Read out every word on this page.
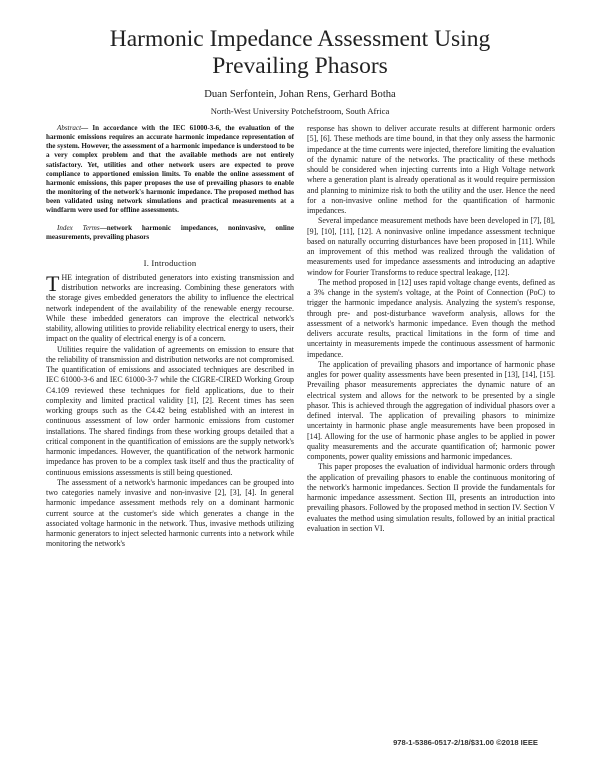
Harmonic Impedance Assessment Using
Prevailing Phasors
Duan Serfontein, Johan Rens, Gerhard Botha
North-West University Potchefstroom, South Africa

Abstract— In accordance with the IEC 61000-3-6, the evaluation of the harmonic emissions requires an accurate harmonic impedance representation of the system. However, the assessment of a harmonic impedance is understood to be a very complex problem and that the available methods are not entirely satisfactory. Yet, utilities and other network users are expected to prove compliance to apportioned emission limits. To enable the online assessment of harmonic emissions, this paper proposes the use of prevailing phasors to enable the monitoring of the network's harmonic impedance. The proposed method has been validated using network simulations and practical measurements at a windfarm were used for offline assessments.

Index Terms—network harmonic impedances, noninvasive, online measurements, prevailing phasors

I. Introduction

THE integration of distributed generators into existing transmission and distribution networks are increasing. Combining these generators with the storage gives embedded generators the ability to influence the electrical network independent of the availability of the renewable energy recourse. While these imbedded generators can improve the electrical network's stability, allowing utilities to provide reliability electrical energy to users, their impact on the quality of electrical energy is of a concern.

Utilities require the validation of agreements on emission to ensure that the reliability of transmission and distribution networks are not compromised. The quantification of emissions and associated techniques are described in IEC 61000-3-6 and IEC 61000-3-7 while the CIGRE-CIRED Working Group C4.109 reviewed these techniques for field applications, due to their complexity and limited practical validity [1], [2]. Recent times has seen working groups such as the C4.42 being established with an interest in continuous assessment of low order harmonic emissions from customer installations. The shared findings from these working groups detailed that a critical component in the quantification of emissions are the supply network's harmonic impedances. However, the quantification of the network harmonic impedance has proven to be a complex task itself and thus the practicality of continuous emissions assessments is still being questioned.

The assessment of a network's harmonic impedances can be grouped into two categories namely invasive and non-invasive [2], [3], [4]. In general harmonic impedance assessment methods rely on a dominant harmonic current source at the customer's side which generates a change in the associated voltage harmonic in the network. Thus, invasive methods utilizing harmonic generators to inject selected harmonic currents into a network while monitoring the network's

response has shown to deliver accurate results at different harmonic orders [5], [6]. These methods are time bound, in that they only assess the harmonic impedance at the time currents were injected, therefore limiting the evaluation of the dynamic nature of the networks. The practicality of these methods should be considered when injecting currents into a High Voltage network where a generation plant is already operational as it would require permission and planning to minimize risk to both the utility and the user. Hence the need for a non-invasive online method for the quantification of harmonic impedances.

Several impedance measurement methods have been developed in [7], [8], [9], [10], [11], [12]. A noninvasive online impedance assessment technique based on naturally occurring disturbances have been proposed in [11]. While an improvement of this method was realized through the validation of measurements used for impedance assessments and introducing an adaptive window for Fourier Transforms to reduce spectral leakage, [12].

The method proposed in [12] uses rapid voltage change events, defined as a 3% change in the system's voltage, at the Point of Connection (PoC) to trigger the harmonic impedance analysis. Analyzing the system's response, through pre- and post-disturbance waveform analysis, allows for the assessment of a network's harmonic impedance. Even though the method delivers accurate results, practical limitations in the form of time and uncertainty in measurements impede the continuous assessment of harmonic impedance.

The application of prevailing phasors and importance of harmonic phase angles for power quality assessments have been presented in [13], [14], [15]. Prevailing phasor measurements appreciates the dynamic nature of an electrical system and allows for the network to be presented by a single phasor. This is achieved through the aggregation of individual phasors over a defined interval. The application of prevailing phasors to minimize uncertainty in harmonic phase angle measurements have been proposed in [14]. Allowing for the use of harmonic phase angles to be applied in power quality measurements and the accurate quantification of; harmonic power components, power quality emissions and harmonic impedances.

This paper proposes the evaluation of individual harmonic orders through the application of prevailing phasors to enable the continuous monitoring of the network's harmonic impedances. Section II provide the fundamentals for harmonic impedance assessment. Section III, presents an introduction into prevailing phasors. Followed by the proposed method in section IV. Section V evaluates the method using simulation results, followed by an initial practical evaluation in section VI.

978-1-5386-0517-2/18/$31.00 ©2018 IEEE
